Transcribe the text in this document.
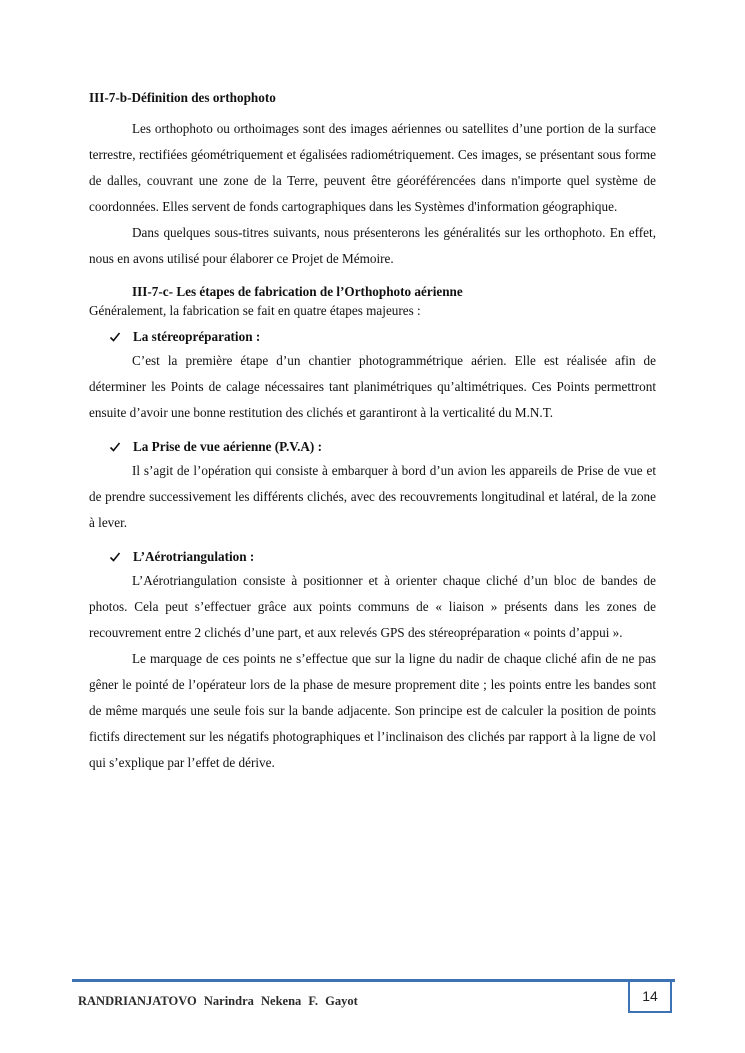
III-7-b-Définition des orthophoto

Les orthophoto ou orthoimages sont des images aériennes ou satellites d’une portion de la surface terrestre, rectifiées géométriquement et égalisées radiométriquement. Ces images, se présentant sous forme de dalles, couvrant une zone de la Terre, peuvent être géoréférencées dans n'importe quel système de coordonnées. Elles servent de fonds cartographiques dans les Systèmes d'information géographique.

Dans quelques sous-titres suivants, nous présenterons les généralités sur les orthophoto. En effet, nous en avons utilisé pour élaborer ce Projet de Mémoire.

III-7-c- Les étapes de fabrication de l’Orthophoto aérienne

Généralement, la fabrication se fait en quatre étapes majeures :

La stéreopréparation :

C’est la première étape d’un chantier photogrammétrique aérien. Elle est réalisée afin de déterminer les Points de calage nécessaires tant planimétriques qu’altimétriques. Ces Points permettront ensuite d’avoir une bonne restitution des clichés et garantiront à la verticalité du M.N.T.

La Prise de vue aérienne (P.V.A) :

Il s’agit de l’opération qui consiste à embarquer à bord d’un avion les appareils de Prise de vue et de prendre successivement les différents clichés, avec des recouvrements longitudinal et latéral, de la zone à lever.

L’Aérotriangulation :

L’Aérotriangulation consiste à positionner et à orienter chaque cliché d’un bloc de bandes de photos. Cela peut s’effectuer grâce aux points communs de « liaison » présents dans les zones de recouvrement entre 2 clichés d’une part, et aux relevés GPS des stéreopréparation « points d’appui ».

Le marquage de ces points ne s’effectue que sur la ligne du nadir de chaque cliché afin de ne pas gêner le pointé de l’opérateur lors de la phase de mesure proprement dite ; les points entre les bandes sont de même marqués une seule fois sur la bande adjacente. Son principe est de calculer la position de points fictifs directement sur les négatifs photographiques et l’inclinaison des clichés par rapport à la ligne de vol qui s’explique par l’effet de dérive.

RANDRIANJATOVO Narindra Nekena F. Gayot	14
